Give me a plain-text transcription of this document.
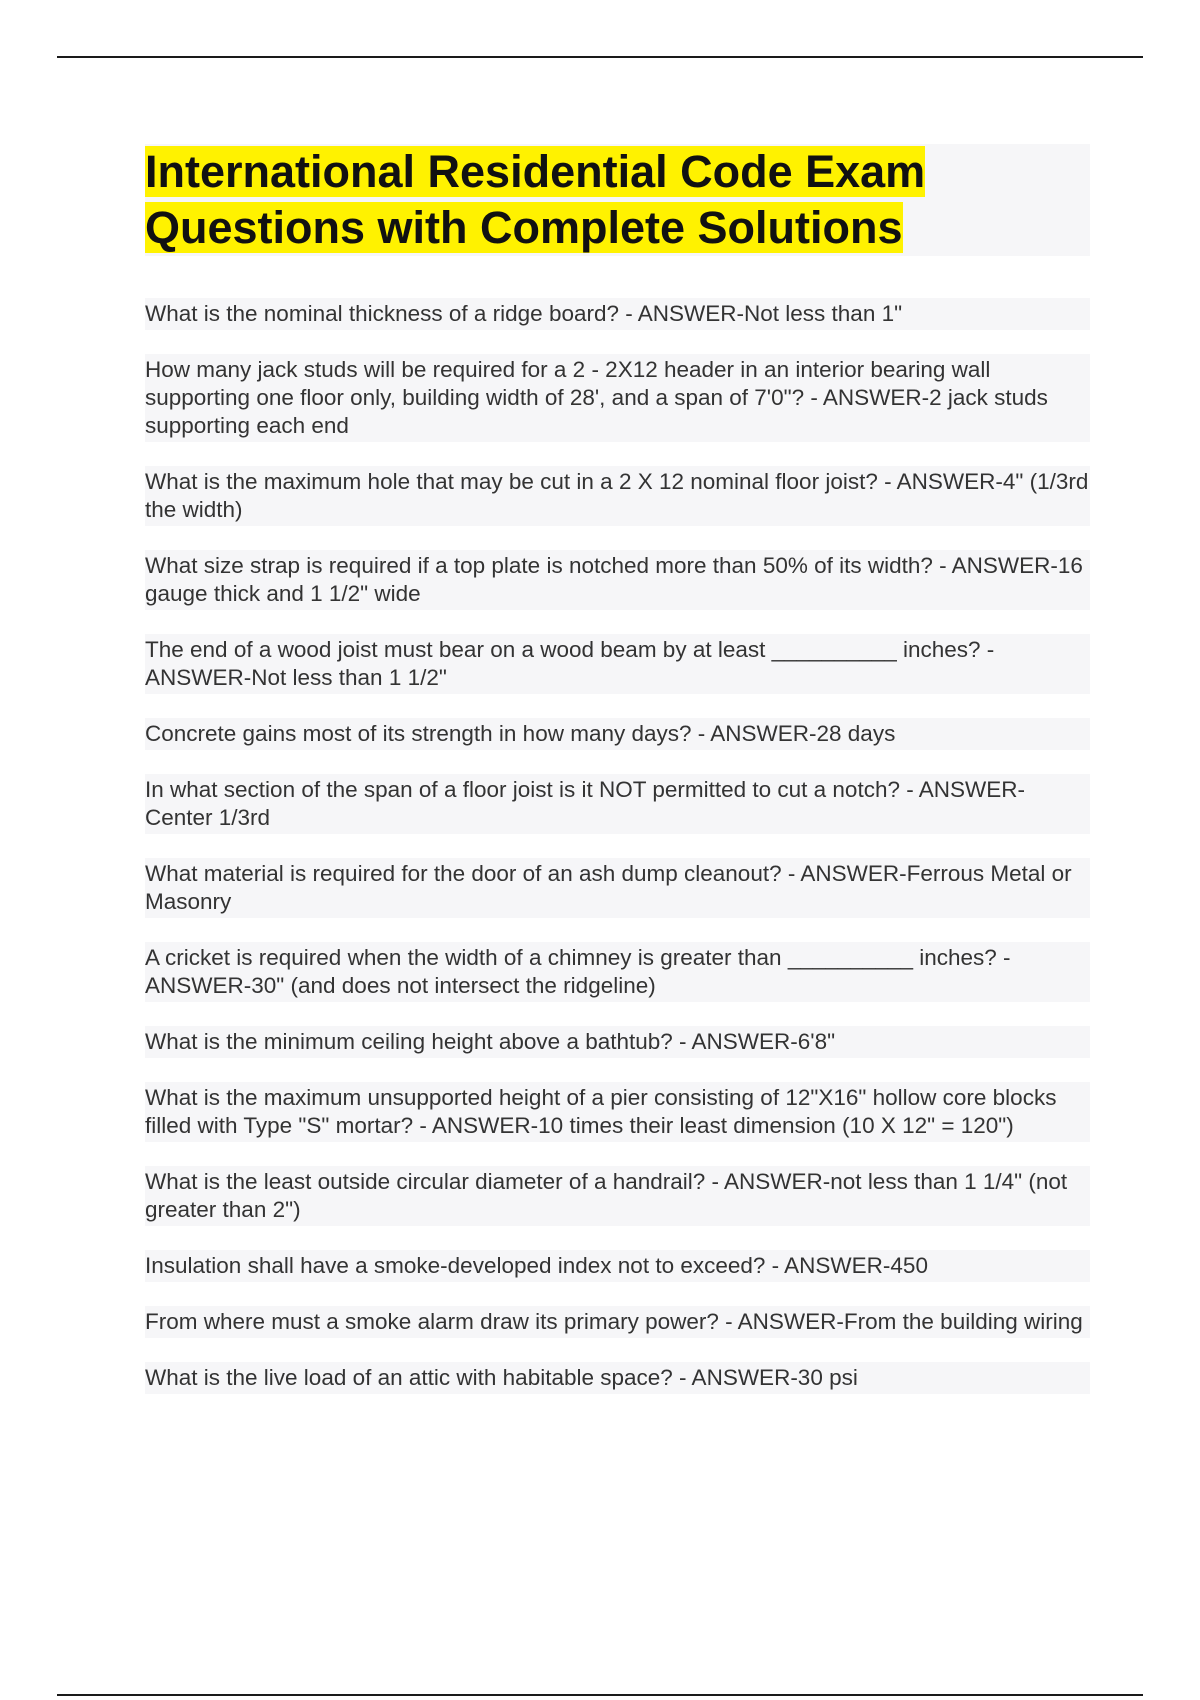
International Residential Code Exam
Questions with Complete Solutions

What is the nominal thickness of a ridge board? - ANSWER-Not less than 1"

How many jack studs will be required for a 2 - 2X12 header in an interior bearing wall supporting one floor only, building width of 28', and a span of 7'0"? - ANSWER-2 jack studs supporting each end

What is the maximum hole that may be cut in a 2 X 12 nominal floor joist? - ANSWER-4" (1/3rd the width)

What size strap is required if a top plate is notched more than 50% of its width? - ANSWER-16 gauge thick and 1 1/2" wide

The end of a wood joist must bear on a wood beam by at least __________ inches? - ANSWER-Not less than 1 1/2"

Concrete gains most of its strength in how many days? - ANSWER-28 days

In what section of the span of a floor joist is it NOT permitted to cut a notch? - ANSWER-Center 1/3rd

What material is required for the door of an ash dump cleanout? - ANSWER-Ferrous Metal or Masonry

A cricket is required when the width of a chimney is greater than __________ inches? - ANSWER-30" (and does not intersect the ridgeline)

What is the minimum ceiling height above a bathtub? - ANSWER-6'8"

What is the maximum unsupported height of a pier consisting of 12"X16" hollow core blocks filled with Type "S" mortar? - ANSWER-10 times their least dimension (10 X 12" = 120")

What is the least outside circular diameter of a handrail? - ANSWER-not less than 1 1/4" (not greater than 2")

Insulation shall have a smoke-developed index not to exceed? - ANSWER-450

From where must a smoke alarm draw its primary power? - ANSWER-From the building wiring

What is the live load of an attic with habitable space? - ANSWER-30 psi
